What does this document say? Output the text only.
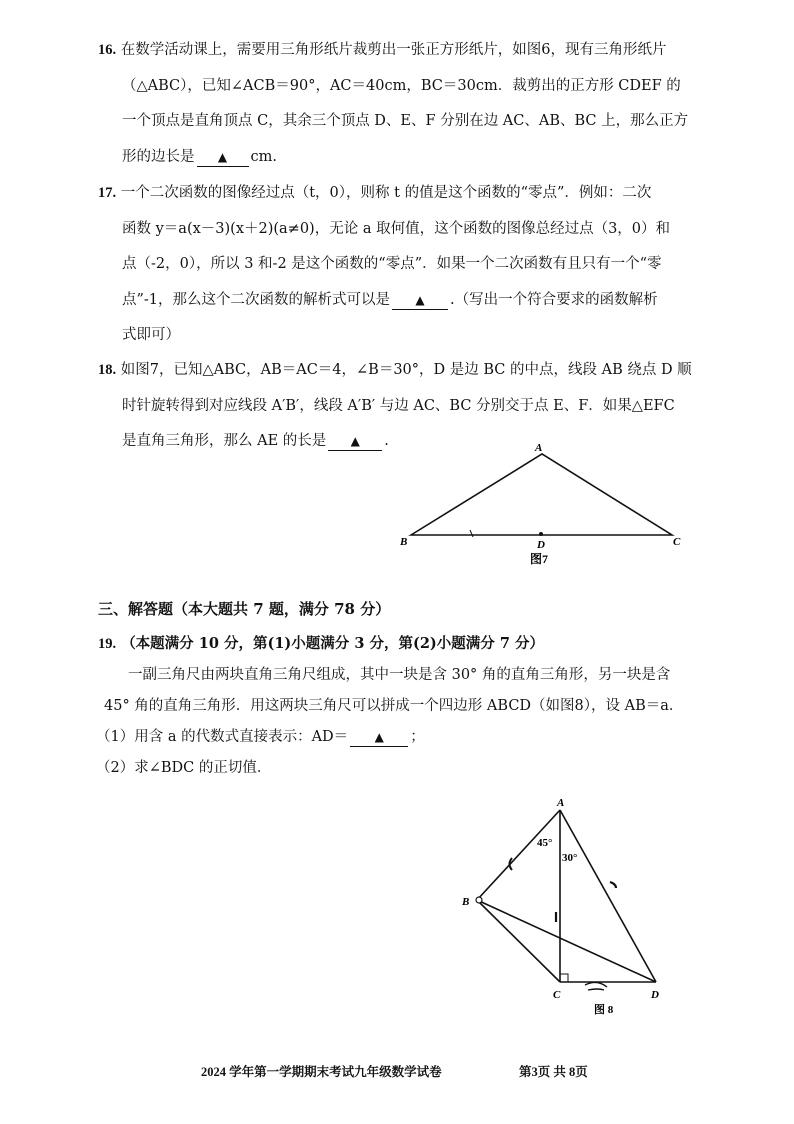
16. 在数学活动课上，需要用三角形纸片裁剪出一张正方形纸片，如图6，现有三角形纸片
（△ABC），已知∠ACB＝90°，AC＝40cm，BC＝30cm．裁剪出的正方形 CDEF 的
一个顶点是直角顶点 C，其余三个顶点 D、E、F 分别在边 AC、AB、BC 上，那么正方
形的边长是 ▲ cm.
17. 一个二次函数的图像经过点（t，0），则称 t 的值是这个函数的“零点”．例如：二次
函数 y＝a(x－3)(x＋2)(a≠0)，无论 a 取何值，这个函数的图像总经过点（3，0）和
点（-2，0），所以 3 和-2 是这个函数的“零点”．如果一个二次函数有且只有一个“零
点”-1，那么这个二次函数的解析式可以是 ▲ .（写出一个符合要求的函数解析
式即可）
18. 如图7，已知△ABC，AB＝AC＝4，∠B＝30°，D 是边 BC 的中点，线段 AB 绕点 D 顺
时针旋转得到对应线段 A′B′，线段 A′B′ 与边 AC、BC 分别交于点 E、F．如果△EFC
是直角三角形，那么 AE 的长是 ▲ .	A
B	C
D
图7
三、解答题（本大题共 7 题，满分 78 分）
19. （本题满分 10 分，第(1)小题满分 3 分，第(2)小题满分 7 分）
一副三角尺由两块直角三角尺组成，其中一块是含 30° 角的直角三角形，另一块是含
45° 角的直角三角形．用这两块三角尺可以拼成一个四边形 ABCD（如图8），设 AB＝a．
（1）用含 a 的代数式直接表示：AD＝ ▲ ；
（2）求∠BDC 的正切值．
A
B
C	D
45°
30°
图 8
2024 学年第一学期期末考试九年级数学试卷	第3页 共 8页
